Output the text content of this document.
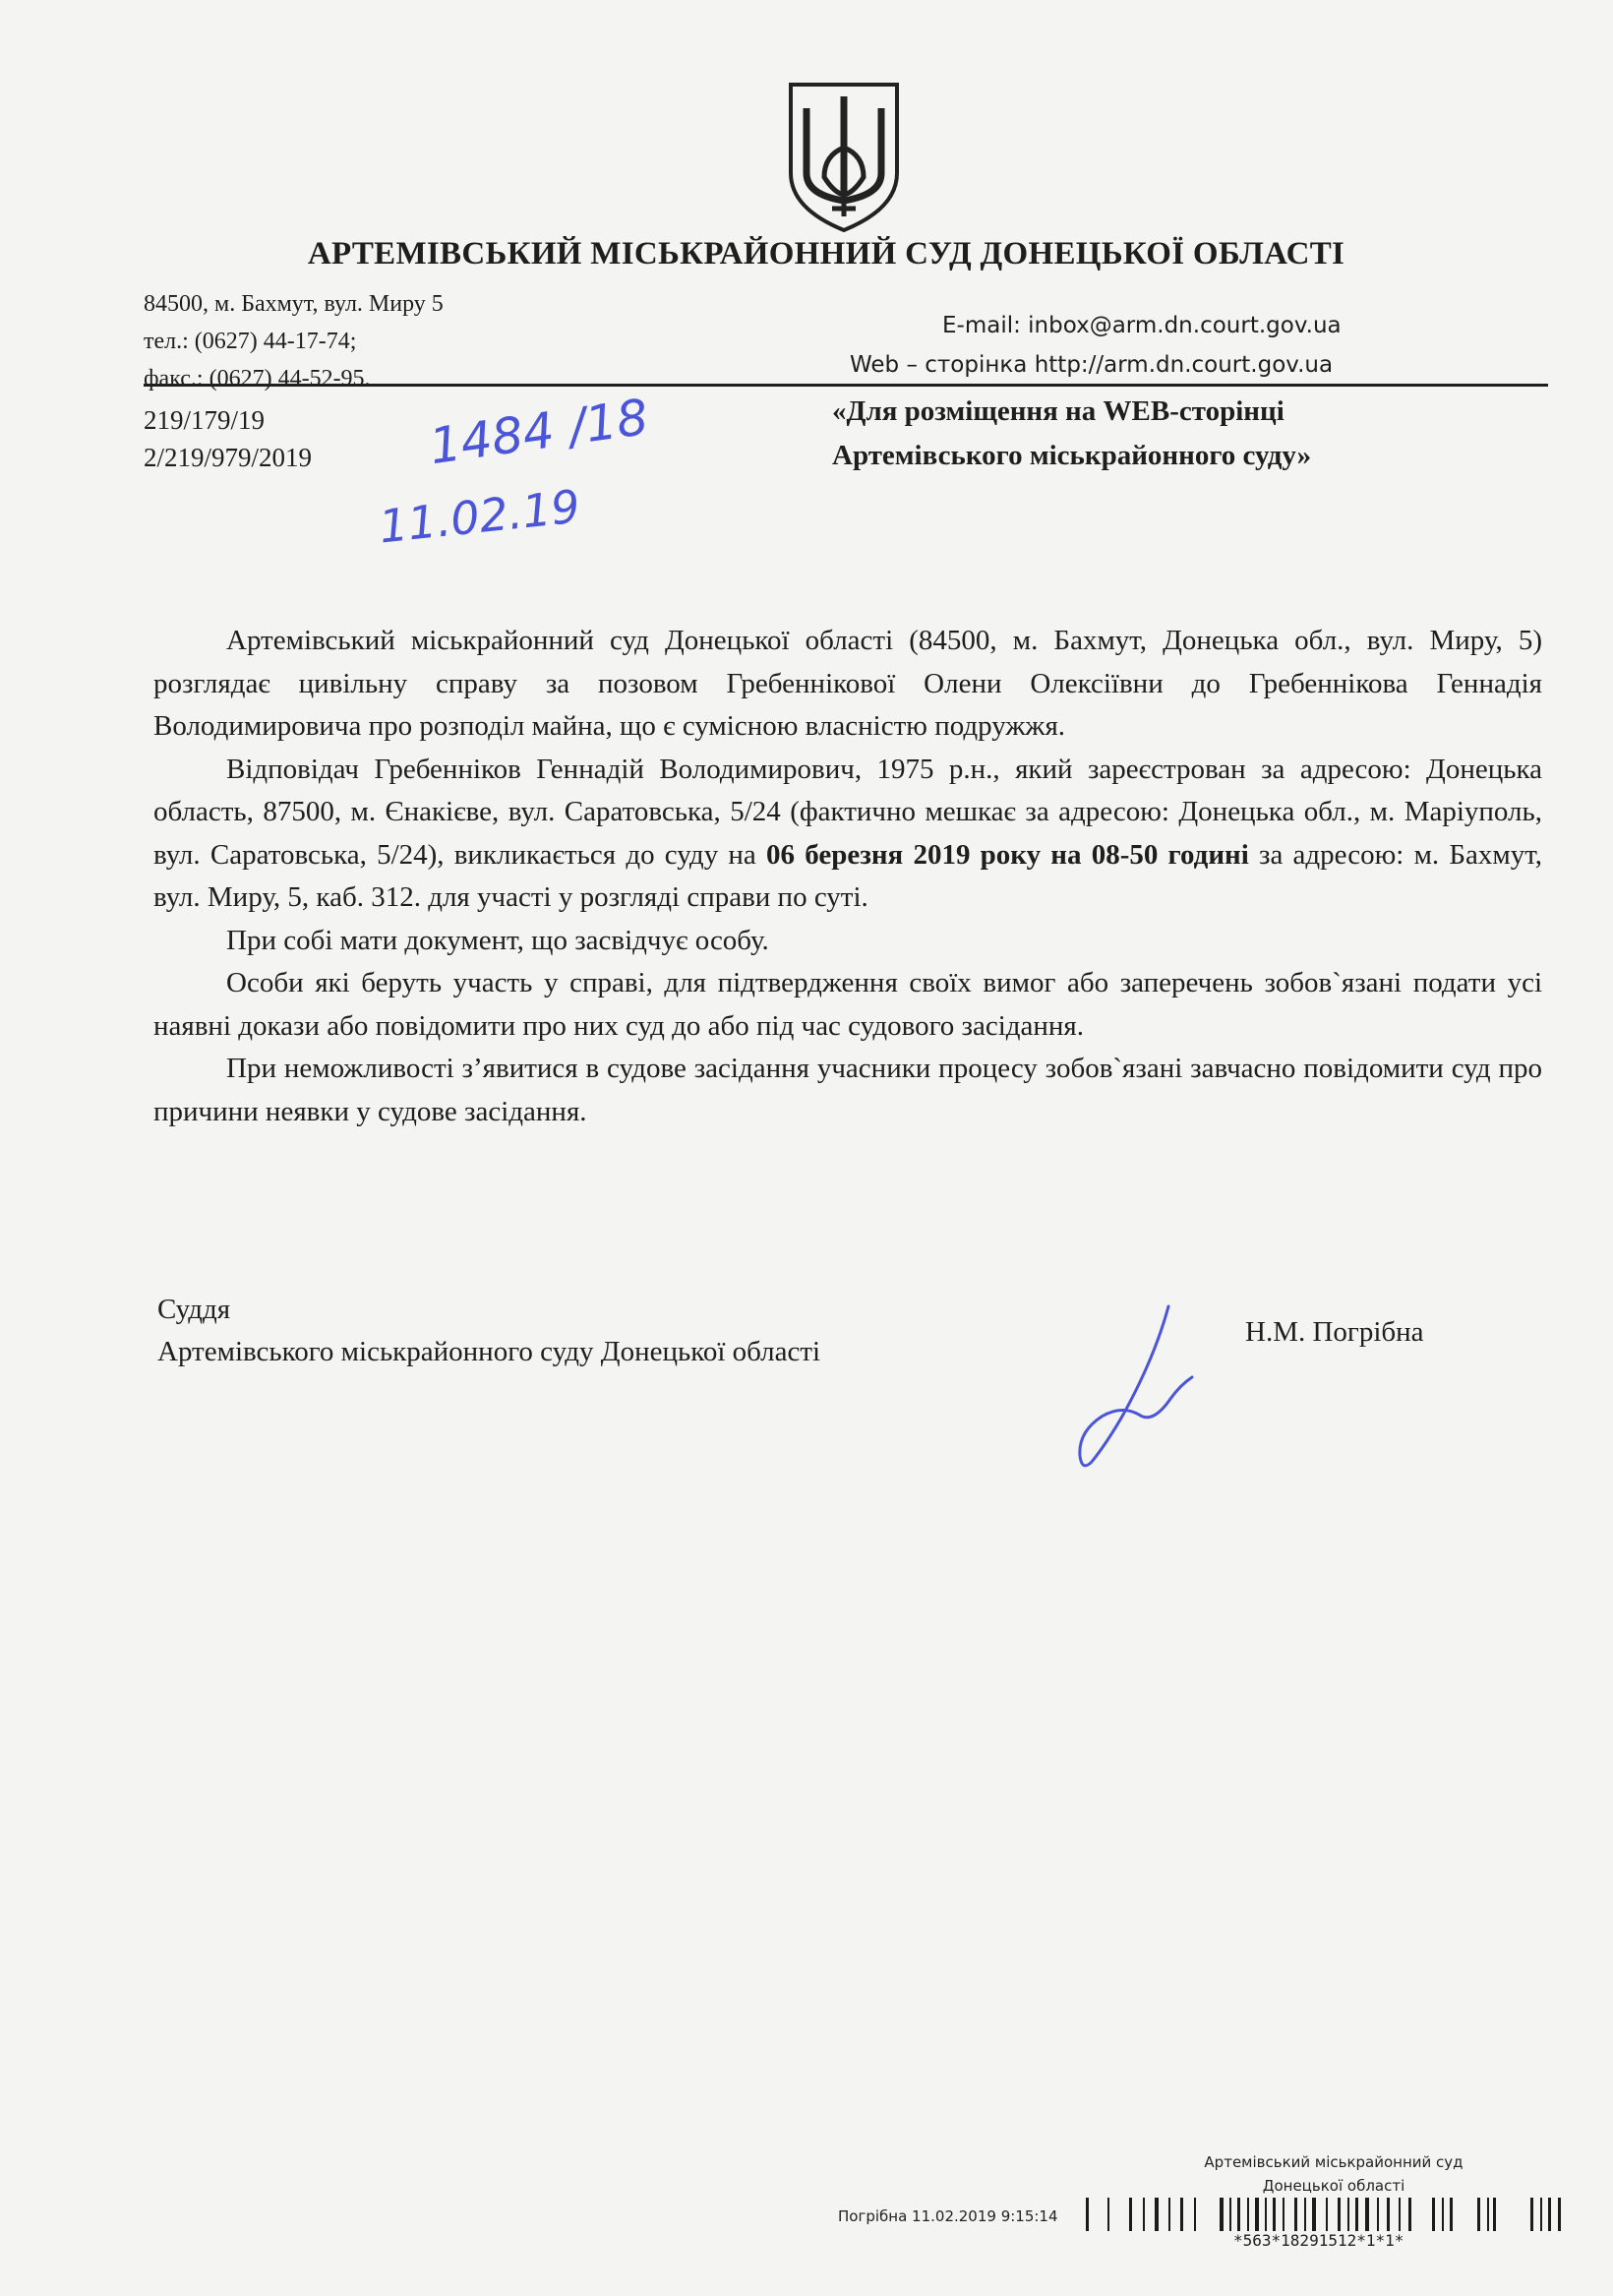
АРТЕМІВСЬКИЙ МІСЬКРАЙОННИЙ СУД ДОНЕЦЬКОЇ ОБЛАСТІ
84500, м. Бахмут, вул. Миру 5
тел.: (0627) 44-17-74;
факс.: (0627) 44-52-95.
E-mail: inbox@arm.dn.court.gov.ua
Web – сторінка http://arm.dn.court.gov.ua
219/179/19
2/219/979/2019 1484 /18
11.02.19
«Для розміщення на WEB-сторінці
Артемівського міськрайонного суду»

Артемівський міськрайонний суд Донецької області (84500, м. Бахмут, Донецька обл., вул. Миру, 5) розглядає цивільну справу за позовом Гребеннікової Олени Олексіївни до Гребеннікова Геннадія Володимировича про розподіл майна, що є сумісною власністю подружжя.

Відповідач Гребенніков Геннадій Володимирович, 1975 р.н., який зареєстрован за адресою: Донецька область, 87500, м. Єнакієве, вул. Саратовська, 5/24 (фактично мешкає за адресою: Донецька обл., м. Маріуполь, вул. Саратовська, 5/24), викликається до суду на 06 березня 2019 року на 08-50 годині за адресою: м. Бахмут, вул. Миру, 5, каб. 312. для участі у розгляді справи по суті.

При собі мати документ, що засвідчує особу.

Особи які беруть участь у справі, для підтвердження своїх вимог або заперечень зобов`язані подати усі наявні докази або повідомити про них суд до або під час судового засідання.

При неможливості з’явитися в судове засідання учасники процесу зобов`язані завчасно повідомити суд про причини неявки у судове засідання.

Суддя
Артемівського міськрайонного суду Донецької області
Н.М. Погрібна
Артемівський міськрайонний суд
Донецької області
Погрібна 11.02.2019 9:15:14
*563*18291512*1*1*
